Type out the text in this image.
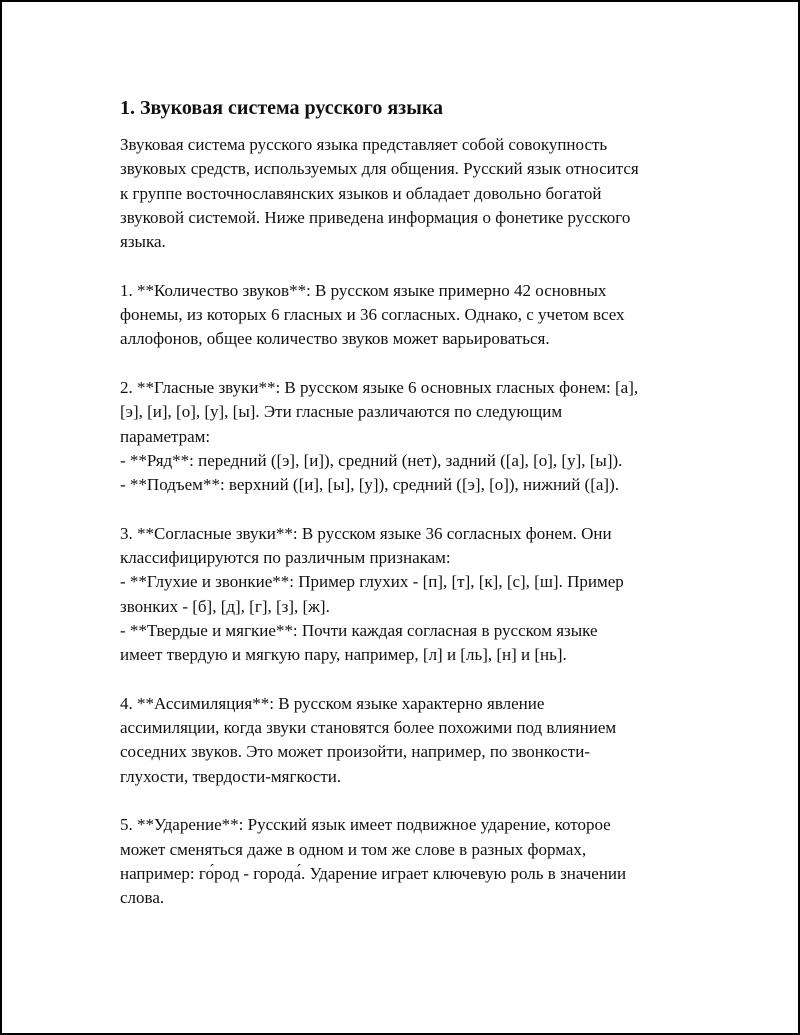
1. Звуковая система русского языка

Звуковая система русского языка представляет собой совокупность
звуковых средств, используемых для общения. Русский язык относится
к группе восточнославянских языков и обладает довольно богатой
звуковой системой. Ниже приведена информация о фонетике русского
языка.

1. **Количество звуков**: В русском языке примерно 42 основных
фонемы, из которых 6 гласных и 36 согласных. Однако, с учетом всех
аллофонов, общее количество звуков может варьироваться.

2. **Гласные звуки**: В русском языке 6 основных гласных фонем: [а],
[э], [и], [о], [у], [ы]. Эти гласные различаются по следующим
параметрам:
- **Ряд**: передний ([э], [и]), средний (нет), задний ([а], [о], [у], [ы]).
- **Подъем**: верхний ([и], [ы], [у]), средний ([э], [о]), нижний ([а]).

3. **Согласные звуки**: В русском языке 36 согласных фонем. Они
классифицируются по различным признакам:
- **Глухие и звонкие**: Пример глухих - [п], [т], [к], [с], [ш]. Пример
звонких - [б], [д], [г], [з], [ж].
- **Твердые и мягкие**: Почти каждая согласная в русском языке
имеет твердую и мягкую пару, например, [л] и [ль], [н] и [нь].

4. **Ассимиляция**: В русском языке характерно явление
ассимиляции, когда звуки становятся более похожими под влиянием
соседних звуков. Это может произойти, например, по звонкости-
глухости, твердости-мягкости.

5. **Ударение**: Русский язык имеет подвижное ударение, которое
может сменяться даже в одном и том же слове в разных формах,
например: го́род - города́. Ударение играет ключевую роль в значении
слова.
